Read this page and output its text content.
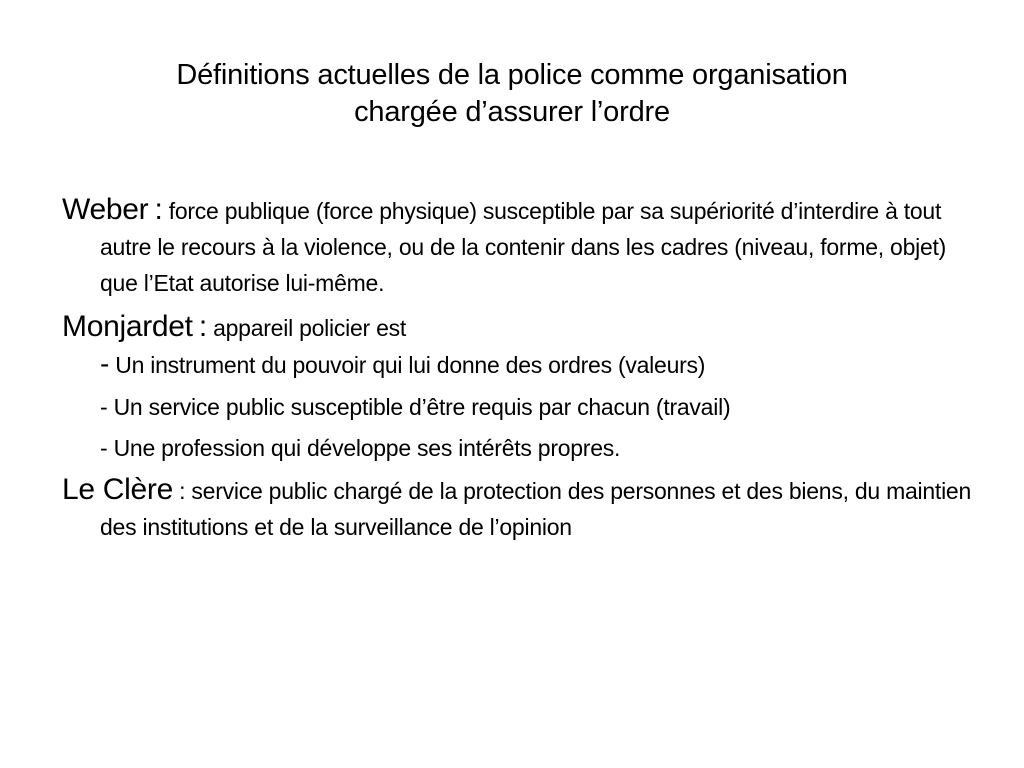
Définitions actuelles de la police comme organisation
chargée d’assurer l’ordre

Weber : force publique (force physique) susceptible par sa supériorité d’interdire à tout autre le recours à la violence, ou de la contenir dans les cadres (niveau, forme, objet) que l’Etat autorise lui-même.

Monjardet : appareil policier est

- Un instrument du pouvoir qui lui donne des ordres (valeurs)

- Un service public susceptible d’être requis par chacun (travail)

- Une profession qui développe ses intérêts propres.

Le Clère : service public chargé de la protection des personnes et des biens, du maintien des institutions et de la surveillance de l’opinion
